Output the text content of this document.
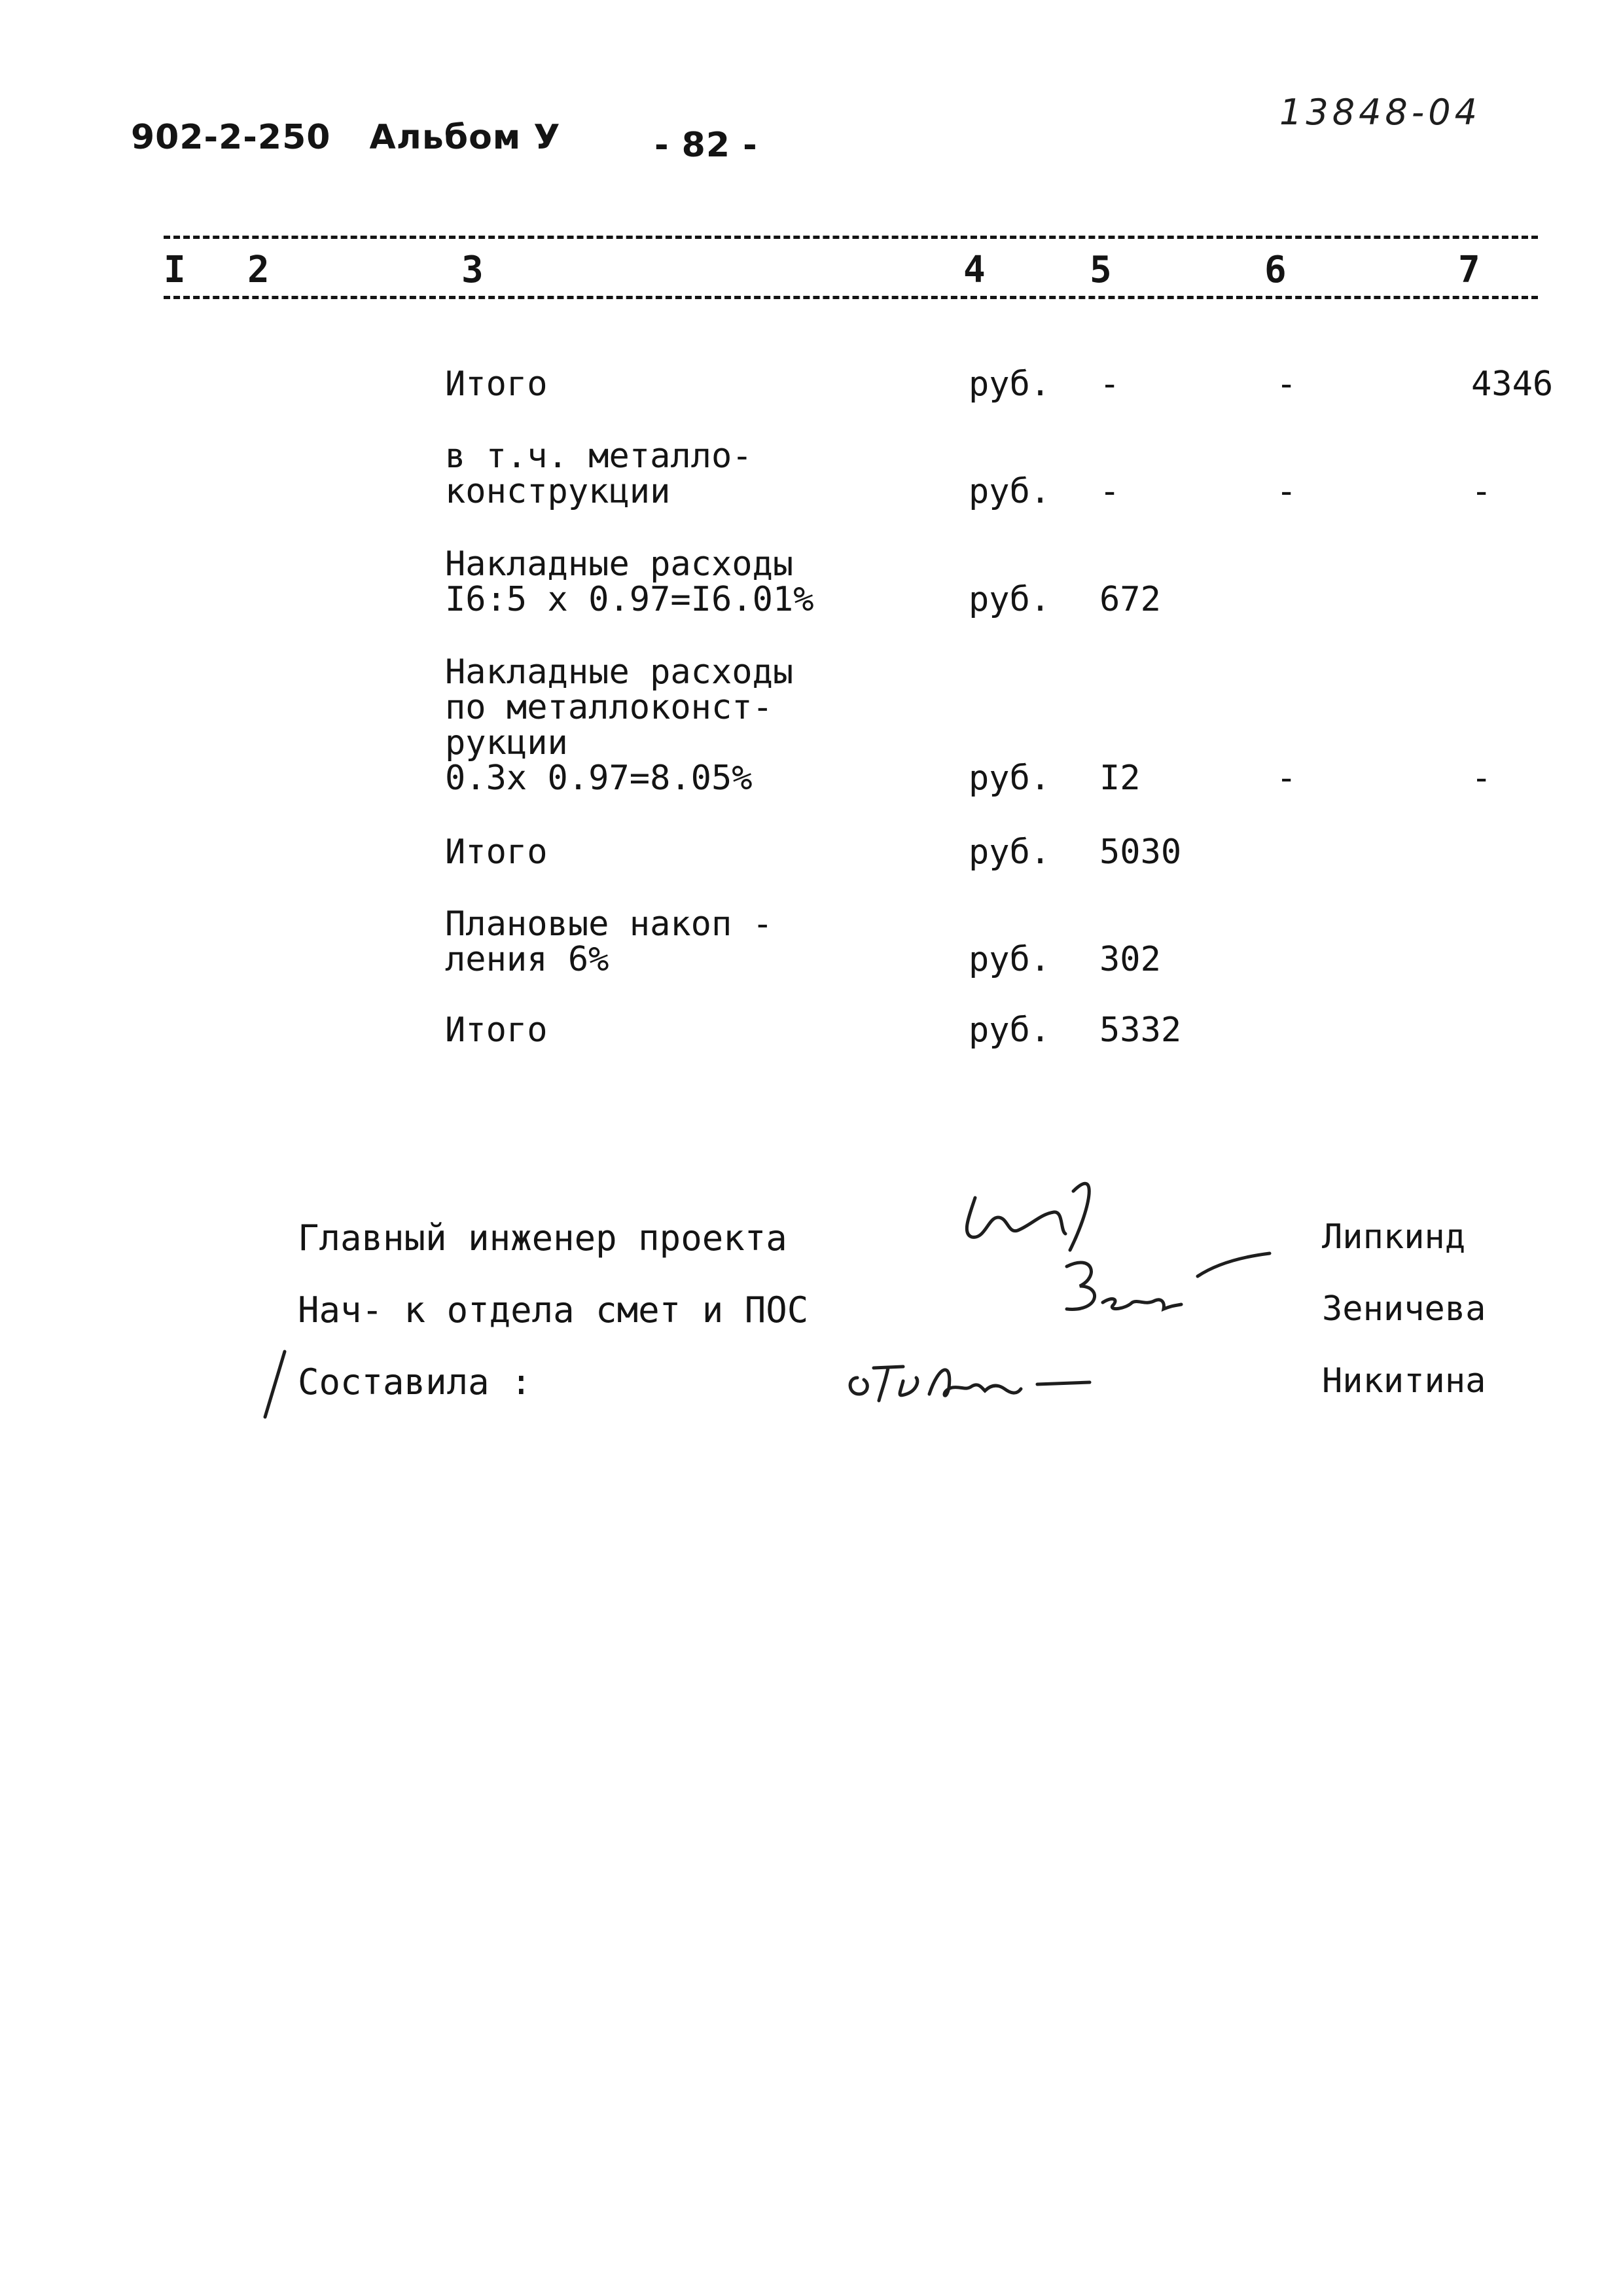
902-2-250 Альбом У	- 82 -
13848-04
I 2	3	4	5	6	7
Итого	руб. -	-	4346
в т.ч. металло-
конструкции	руб. -	-	-
Накладные расходы
I6:5 x 0.97=I6.01%	руб. 672
Накладные расходы
по металлоконст-
рукции
0.3x 0.97=8.05%	руб. I2	-	-
Итого	руб. 5030
Плановые накоп -
ления 6%	руб. 302
Итого	руб. 5332
Главный инженер проекта	Липкинд
Нач- к отдела смет и ПОС	Зеничева
Составила :	Никитина
